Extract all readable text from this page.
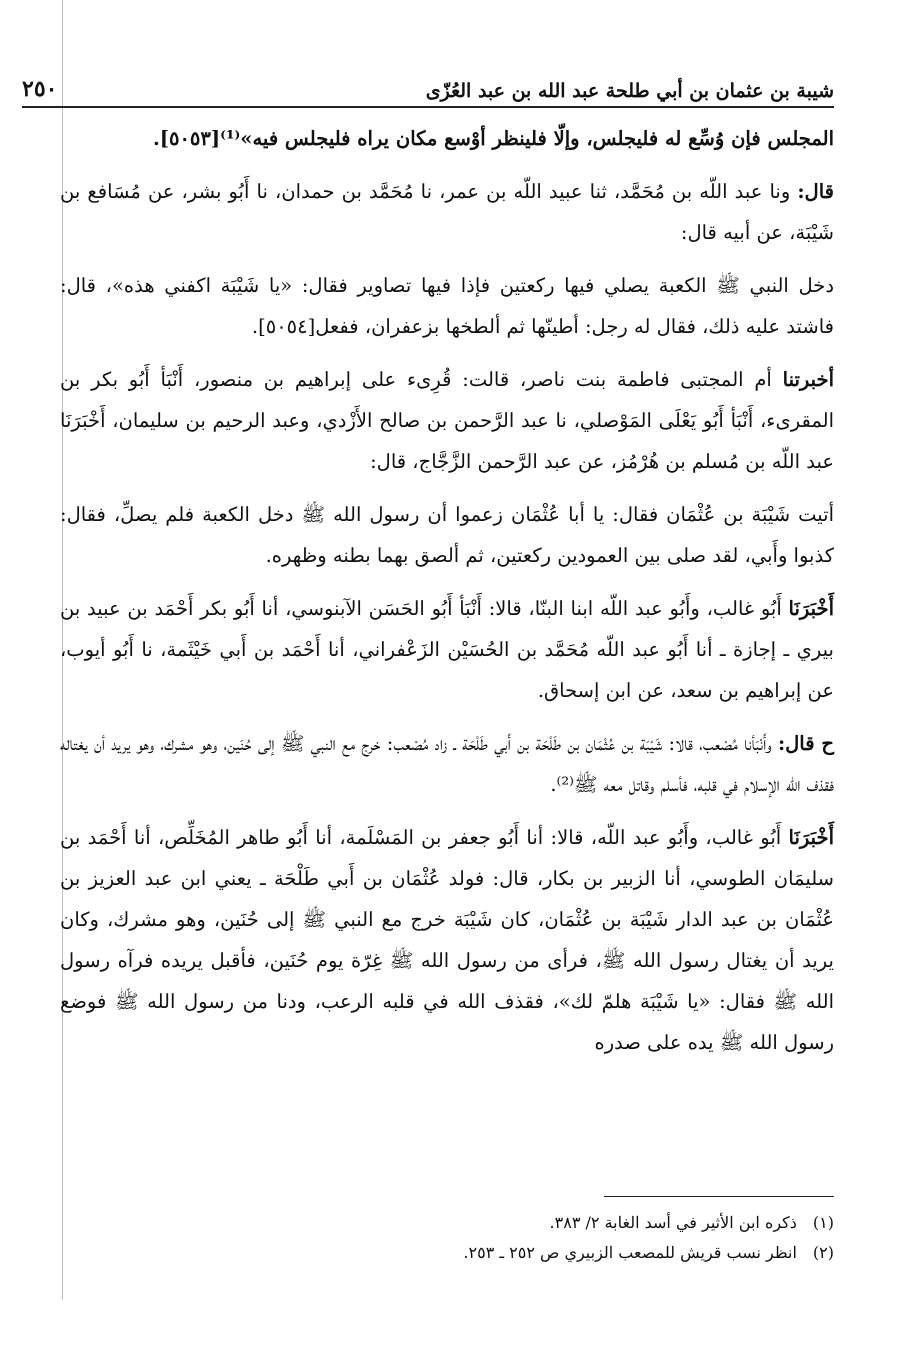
شيبة بن عثمان بن أبي طلحة عبد الله بن عبد العُزّى
٢٥٠

المجلس فإن وُسِّع له فليجلس، وإلّا فلينظر أوْسع مكان يراه فليجلس فيه»⁽¹⁾[٥٠٥٣].

قال: ونا عبد اللّه بن مُحَمَّد، ثنا عبيد اللّه بن عمر، نا مُحَمَّد بن حمدان، نا أَبُو بشر، عن مُسَافع بن شَيْبَة، عن أبيه قال:

دخل النبي ﷺ الكعبة يصلي فيها ركعتين فإذا فيها تصاوير فقال: «يا شَيْبَة اكفني هذه»، قال: فاشتد عليه ذلك، فقال له رجل: أطينّها ثم ألطخها بزعفران، ففعل[٥٠٥٤].

أخبرتنا أم المجتبى فاطمة بنت ناصر، قالت: قُرِىء على إبراهيم بن منصور، أَنْبَأ أَبُو بكر بن المقرىء، أَنْبَأ أَبُو يَعْلَى المَوْصلي، نا عبد الرَّحمن بن صالح الأَزْدي، وعبد الرحيم بن سليمان، أَخْبَرَنَا عبد اللّه بن مُسلم بن هُرْمُز، عن عبد الرَّحمن الزَّجَّاج، قال:

أتيت شَيْبَة بن عُثْمَان فقال: يا أبا عُثْمَان زعموا أن رسول الله ﷺ دخل الكعبة فلم يصلِّ، فقال: كذبوا وأَبي، لقد صلى بين العمودين ركعتين، ثم ألصق بهما بطنه وظهره.

أَخْبَرَنَا أَبُو غالب، وأَبُو عبد اللّه ابنا البنّا، قالا: أَنْبَأ أَبُو الحَسَن الآبنوسي، أنا أَبُو بكر أَحْمَد بن عبيد بن بيري ـ إجازة ـ أنا أَبُو عبد اللّه مُحَمَّد بن الحُسَيْن الزَعْفراني، أنا أَحْمَد بن أَبي خَيْثَمة، نا أَبُو أيوب، عن إبراهيم بن سعد، عن ابن إسحاق.

ح قال: وأَنْبَأنا مُصْعب، قالا: شَيْبَة بن عُثْمَان بن طَلْحَة بن أَبي طَلْحَة ـ زاد مُصْعب: خرج مع النبي ﷺ إلى حُنَين، وهو مشرك، وهو يريد أن يغتاله فقذف الله الإسلام في قلبه، فأسلم وقاتل معه ﷺ⁽²⁾.

أَخْبَرَنَا أَبُو غالب، وأَبُو عبد اللّه، قالا: أنا أَبُو جعفر بن المَسْلَمة، أنا أَبُو طاهر المُخَلِّص، أنا أَحْمَد بن سليمَان الطوسي، أنا الزبير بن بكار، قال: فولد عُثْمَان بن أَبي طَلْحَة ـ يعني ابن عبد العزيز بن عُثْمَان بن عبد الدار شَيْبَة بن عُثْمَان، كان شَيْبَة خرج مع النبي ﷺ إلى حُنَين، وهو مشرك، وكان يريد أن يغتال رسول الله ﷺ، فرأى من رسول الله ﷺ غِرّة يوم حُنَين، فأقبل يريده فرآه رسول الله ﷺ فقال: «يا شَيْبَة هلمّ لك»، فقذف الله في قلبه الرعب، ودنا من رسول الله ﷺ فوضع رسول الله ﷺ يده على صدره

(١)
ذكره ابن الأثير في أسد الغابة ٢/ ٣٨٣.
(٢)
انظر نسب قريش للمصعب الزبيري ص ٢٥٢ ـ ٢٥٣.
